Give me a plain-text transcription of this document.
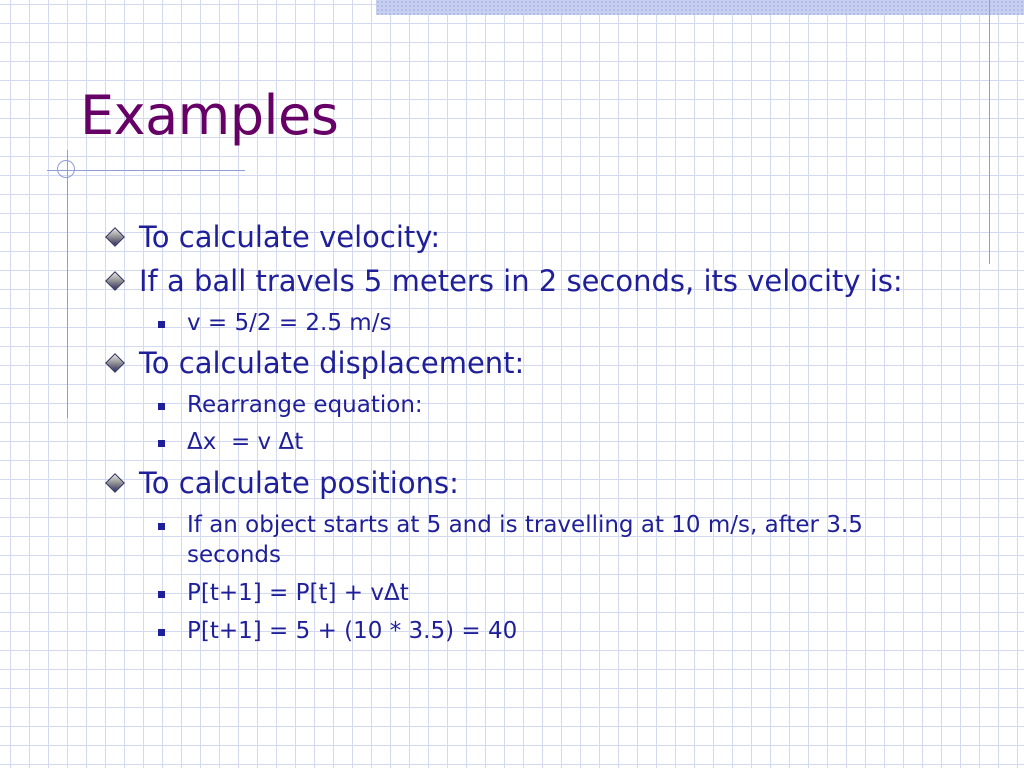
Examples
To calculate velocity:
If a ball travels 5 meters in 2 seconds, its velocity is:
v = 5/2 = 2.5 m/s
To calculate displacement:
Rearrange equation:
Δx  = v Δt
To calculate positions:
If an object starts at 5 and is travelling at 10 m/s, after 3.5 seconds
P[t+1] = P[t] + vΔt
P[t+1] = 5 + (10 * 3.5) = 40
